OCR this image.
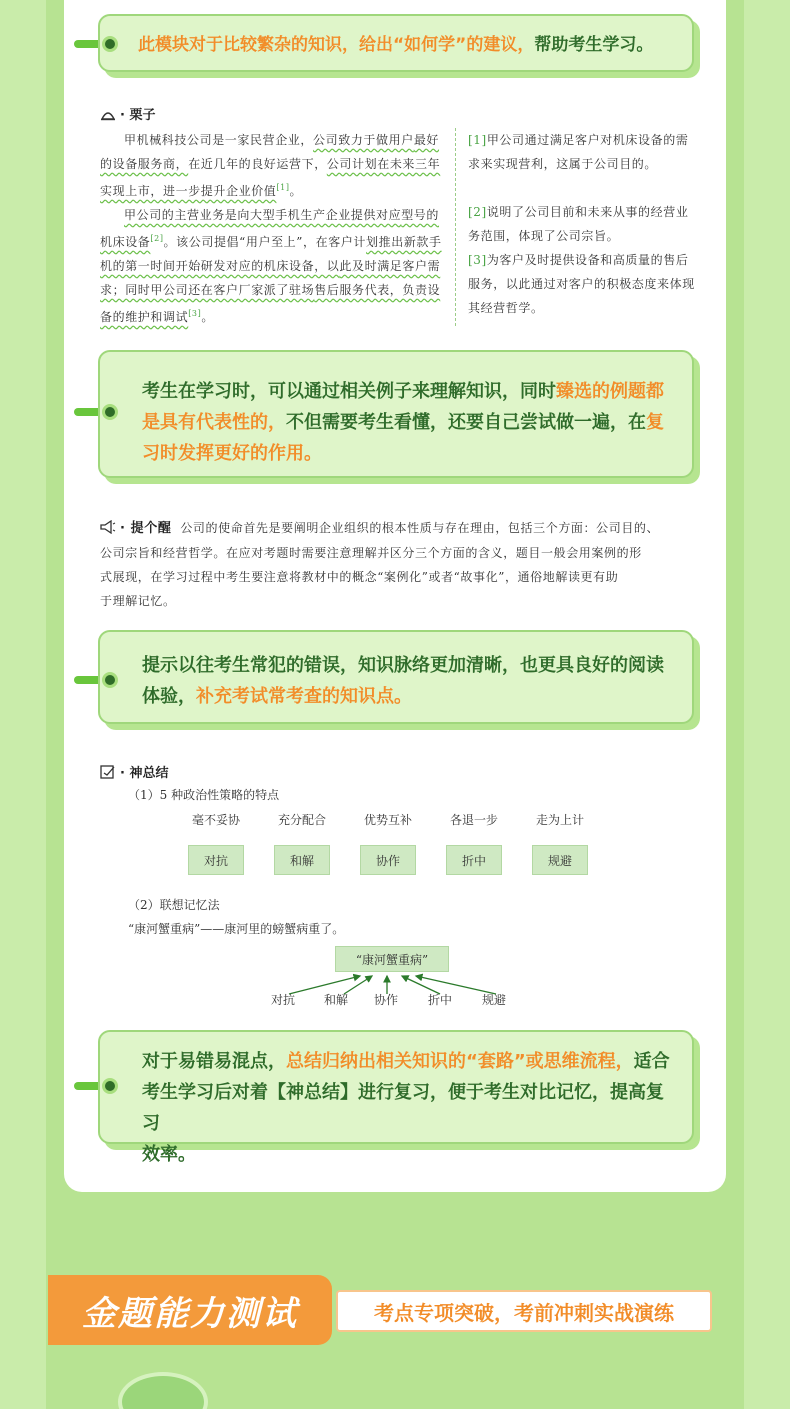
此模块对于比较繁杂的知识，给出“如何学”的建议，帮助考生学习。
· 栗子
甲机械科技公司是一家民营企业，公司致力于做用户最好的设备服务商，在近几年的良好运营下，公司计划在未来三年实现上市，进一步提升企业价值[1]。
甲公司的主营业务是向大型手机生产企业提供对应型号的机床设备[2]。该公司提倡“用户至上”，在客户计划推出新款手机的第一时间开始研发对应的机床设备，以此及时满足客户需求；同时甲公司还在客户厂家派了驻场售后服务代表，负责设备的维护和调试[3]。
[1]甲公司通过满足客户对机床设备的需求来实现营利，这属于公司目的。
[2]说明了公司目前和未来从事的经营业务范围，体现了公司宗旨。
[3]为客户及时提供设备和高质量的售后服务，以此通过对客户的积极态度来体现其经营哲学。
考生在学习时，可以通过相关例子来理解知识，同时臻选的例题都是具有代表性的，不但需要考生看懂，还要自己尝试做一遍，在复习时发挥更好的作用。
· 提个醒 公司的使命首先是要阐明企业组织的根本性质与存在理由，包括三个方面：公司目的、
公司宗旨和经营哲学。在应对考题时需要注意理解并区分三个方面的含义，题目一般会用案例的形
式展现，在学习过程中考生要注意将教材中的概念“案例化”或者“故事化”，通俗地解读更有助
于理解记忆。
提示以往考生常犯的错误，知识脉络更加清晰，也更具良好的阅读
体验，补充考试常考查的知识点。
· 神总结
（1）5 种政治性策略的特点
毫不妥协	充分配合	优势互补	各退一步	走为上计
对抗	和解	协作	折中	规避
（2）联想记忆法
“康河蟹重病”——康河里的螃蟹病重了。
“康河蟹重病”
对抗 和解 协作 折中 规避
对于易错易混点，总结归纳出相关知识的“套路”或思维流程，适合
考生学习后对着【神总结】进行复习，便于考生对比记忆，提高复习
效率。
金题能力测试	考点专项突破，考前冲刺实战演练
